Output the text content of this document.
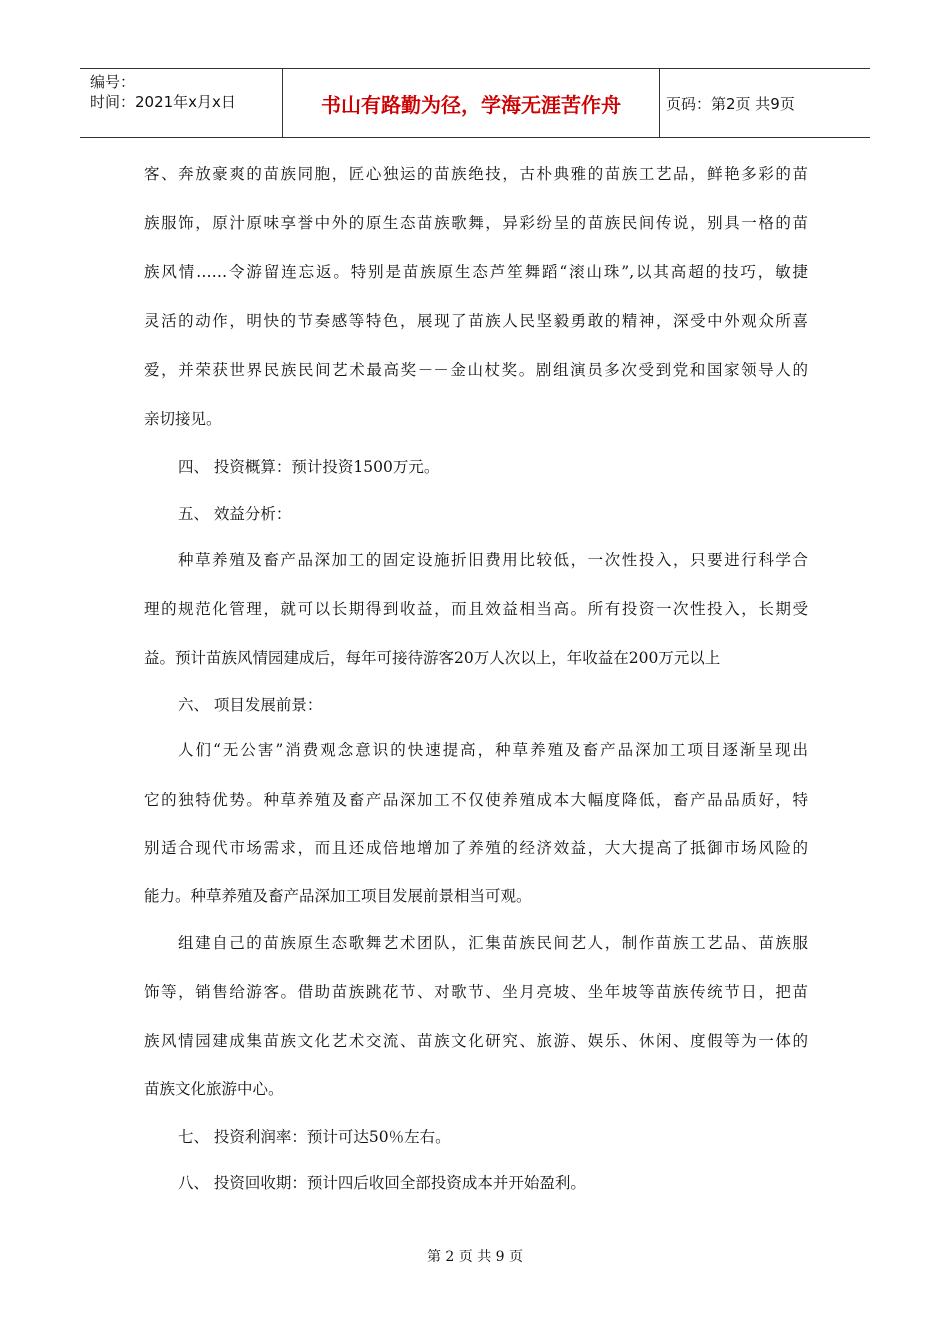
编号：
时间：2021年x月x日	书山有路勤为径，学海无涯苦作舟	页码：第2页 共9页
客、奔放豪爽的苗族同胞，匠心独运的苗族绝技，古朴典雅的苗族工艺品，鲜艳多彩的苗
族服饰，原汁原味享誉中外的原生态苗族歌舞，异彩纷呈的苗族民间传说，别具一格的苗
族风情……令游留连忘返。特别是苗族原生态芦笙舞蹈“滚山珠”,以其高超的技巧，敏捷
灵活的动作，明快的节奏感等特色，展现了苗族人民坚毅勇敢的精神，深受中外观众所喜
爱，并荣获世界民族民间艺术最高奖－－金山杖奖。剧组演员多次受到党和国家领导人的
亲切接见。
四、 投资概算：预计投资1500万元。
五、 效益分析：
种草养殖及畜产品深加工的固定设施折旧费用比较低，一次性投入，只要进行科学合
理的规范化管理，就可以长期得到收益，而且效益相当高。所有投资一次性投入，长期受
益。预计苗族风情园建成后，每年可接待游客20万人次以上，年收益在200万元以上
六、 项目发展前景：
人们“无公害”消费观念意识的快速提高，种草养殖及畜产品深加工项目逐渐呈现出
它的独特优势。种草养殖及畜产品深加工不仅使养殖成本大幅度降低，畜产品品质好，特
别适合现代市场需求，而且还成倍地增加了养殖的经济效益，大大提高了抵御市场风险的
能力。种草养殖及畜产品深加工项目发展前景相当可观。
组建自己的苗族原生态歌舞艺术团队，汇集苗族民间艺人，制作苗族工艺品、苗族服
饰等，销售给游客。借助苗族跳花节、对歌节、坐月亮坡、坐年坡等苗族传统节日，把苗
族风情园建成集苗族文化艺术交流、苗族文化研究、旅游、娱乐、休闲、度假等为一体的
苗族文化旅游中心。
七、 投资利润率：预计可达50％左右。
八、 投资回收期：预计四后收回全部投资成本并开始盈利。
第 2 页 共 9 页
